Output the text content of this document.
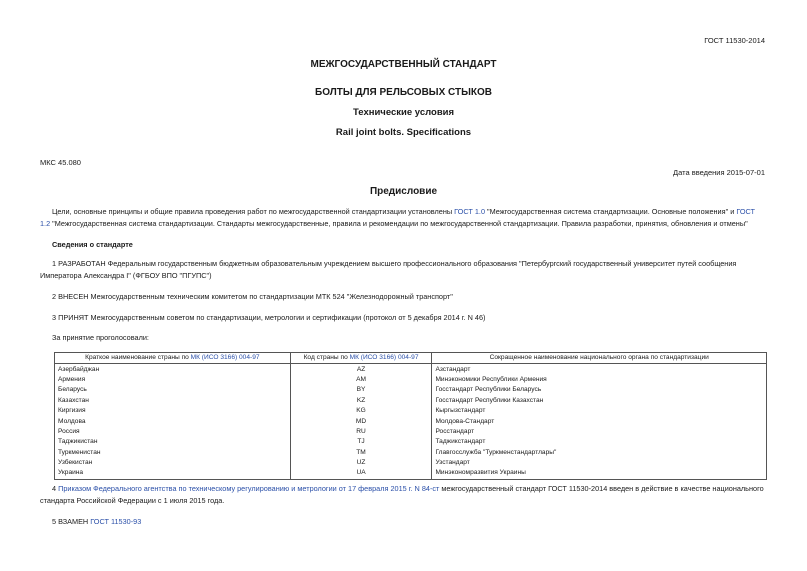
ГОСТ 11530-2014
МЕЖГОСУДАРСТВЕННЫЙ СТАНДАРТ
БОЛТЫ ДЛЯ РЕЛЬСОВЫХ СТЫКОВ
Технические условия
Rail joint bolts. Specifications
МКС 45.080
Дата введения 2015-07-01
Предисловие

Цели, основные принципы и общие правила проведения работ по межгосударственной стандартизации установлены ГОСТ 1.0 "Межгосударственная система стандартизации. Основные положения" и ГОСТ 1.2 "Межгосударственная система стандартизации. Стандарты межгосударственные, правила и рекомендации по межгосударственной стандартизации. Правила разработки, принятия, обновления и отмены"

Сведения о стандарте

1 РАЗРАБОТАН Федеральным государственным бюджетным образовательным учреждением высшего профессионального образования "Петербургский государственный университет путей сообщения Императора Александра I" (ФГБОУ ВПО "ПГУПС")

2 ВНЕСЕН Межгосударственным техническим комитетом по стандартизации МТК 524 "Железнодорожный транспорт"

3 ПРИНЯТ Межгосударственным советом по стандартизации, метрологии и сертификации (протокол от 5 декабря 2014 г. N 46)

За принятие проголосовали:

Краткое наименование страны по МК (ИСО 3166) 004-97	Код страны по МК (ИСО 3166) 004-97	Сокращенное наименование национального органа по стандартизации
Азербайджан	AZ	Азстандарт
Армения	AM	Минэкономики Республики Армения
Беларусь	BY	Госстандарт Республики Беларусь
Казахстан	KZ	Госстандарт Республики Казахстан
Киргизия	KG	Кыргызстандарт
Молдова	MD	Молдова-Стандарт
Россия	RU	Росстандарт
Таджикистан	TJ	Таджикстандарт
Туркменистан	TM	Главгосслужба "Туркменстандартлары"
Узбекистан	UZ	Узстандарт
Украина	UA	Минэкономразвития Украины

4 Приказом Федерального агентства по техническому регулированию и метрологии от 17 февраля 2015 г. N 84-ст межгосударственный стандарт ГОСТ 11530-2014 введен в действие в качестве национального стандарта Российской Федерации с 1 июля 2015 года.

5 ВЗАМЕН ГОСТ 11530-93
